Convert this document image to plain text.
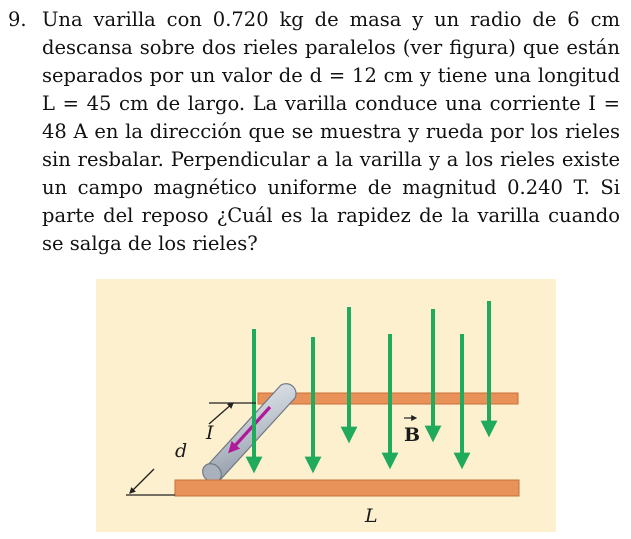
9. Una varilla con 0.720 kg de masa y un radio de 6 cm descansa sobre dos rieles paralelos (ver figura) que están separados por un valor de d = 12 cm y tiene una longitud L = 45 cm de largo. La varilla conduce una corriente I = 48 A en la dirección que se muestra y rueda por los rieles sin resbalar. Perpendicular a la varilla y a los rieles existe un campo magnético uniforme de magnitud 0.240 T. Si parte del reposo ¿Cuál es la rapidez de la varilla cuando se salga de los rieles?
I
d
B
L
